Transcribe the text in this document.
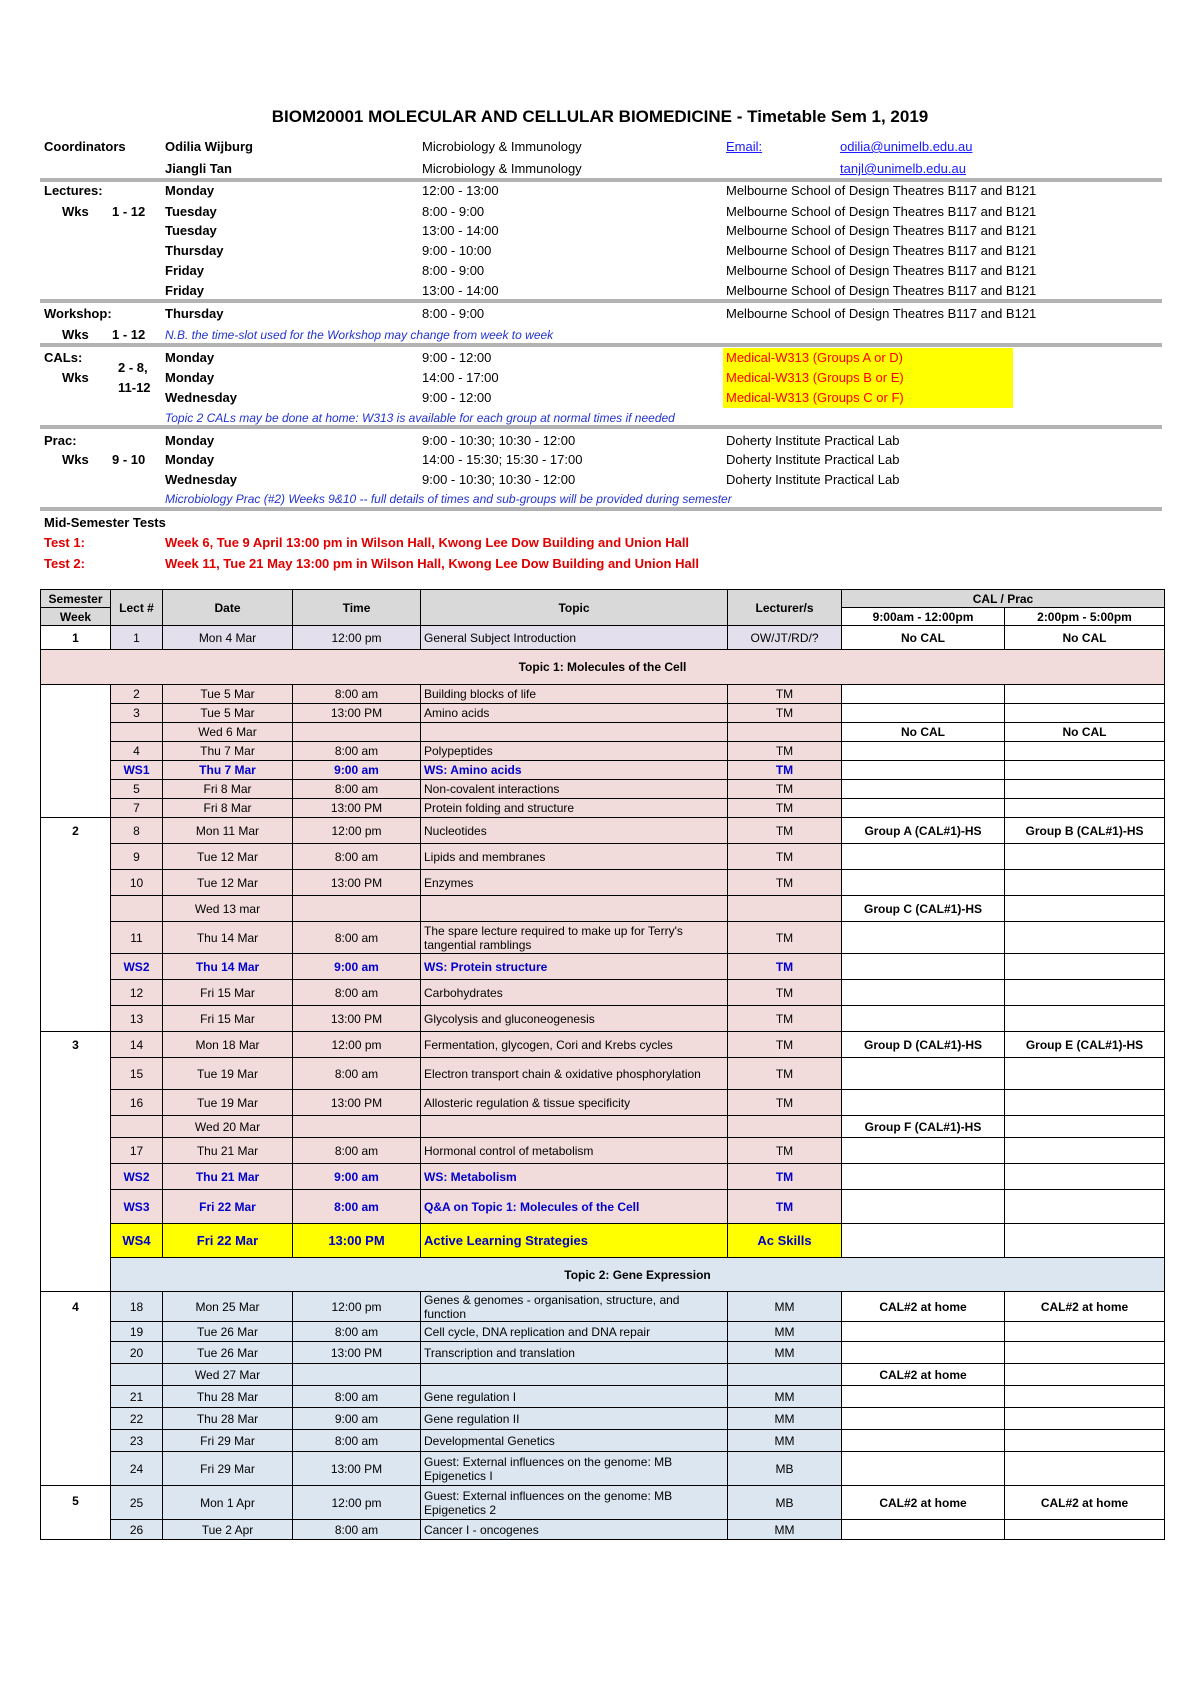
BIOM20001 MOLECULAR AND CELLULAR BIOMEDICINE - Timetable Sem 1, 2019
Coordinators	Odilia Wijburg	Microbiology & Immunology	Email:	odilia@unimelb.edu.au
Jiangli Tan	Microbiology & Immunology	tanjl@unimelb.edu.au
Lectures:
Wks 1 - 12
Monday	12:00 - 13:00	Melbourne School of Design Theatres B117 and B121
Tuesday	8:00 - 9:00	Melbourne School of Design Theatres B117 and B121
Tuesday	13:00 - 14:00	Melbourne School of Design Theatres B117 and B121
Thursday	9:00 - 10:00	Melbourne School of Design Theatres B117 and B121
Friday	8:00 - 9:00	Melbourne School of Design Theatres B117 and B121
Friday	13:00 - 14:00	Melbourne School of Design Theatres B117 and B121
Workshop:
Wks 1 - 12
Thursday	8:00 - 9:00	Melbourne School of Design Theatres B117 and B121
N.B. the time-slot used for the Workshop may change from week to week
CALs:
Wks
2 - 8,
11-12
Monday	9:00 - 12:00	Medical-W313 (Groups A or D)
Monday	14:00 - 17:00	Medical-W313 (Groups B or E)
Wednesday	9:00 - 12:00	Medical-W313 (Groups C or F)
Topic 2 CALs may be done at home: W313 is available for each group at normal times if needed
Prac:
Wks 9 - 10
Monday	9:00 - 10:30; 10:30 - 12:00	Doherty Institute Practical Lab
Monday	14:00 - 15:30; 15:30 - 17:00	Doherty Institute Practical Lab
Wednesday	9:00 - 10:30; 10:30 - 12:00	Doherty Institute Practical Lab
Microbiology Prac (#2) Weeks 9&10 -- full details of times and sub-groups will be provided during semester
Mid-Semester Tests
Test 1:	Week 6, Tue 9 April 13:00 pm in Wilson Hall, Kwong Lee Dow Building and Union Hall
Test 2:	Week 11, Tue 21 May 13:00 pm in Wilson Hall, Kwong Lee Dow Building and Union Hall
Semester	Lect #	Date	Time	Topic	Lecturer/s	CAL / Prac	
Week						9:00am - 12:00pm	2:00pm - 5:00pm
1	1	Mon 4 Mar	12:00 pm	General Subject Introduction	OW/JT/RD/?	No CAL	No CAL
Topic 1: Molecules of the Cell							
	2	Tue 5 Mar	8:00 am	Building blocks of life	TM		
	3	Tue 5 Mar	13:00 PM	Amino acids	TM		
		Wed 6 Mar				No CAL	No CAL
	4	Thu 7 Mar	8:00 am	Polypeptides	TM		
	WS1	Thu 7 Mar	9:00 am	WS: Amino acids	TM		
	5	Fri 8 Mar	8:00 am	Non-covalent interactions	TM		
	7	Fri 8 Mar	13:00 PM	Protein folding and structure	TM		
2	8	Mon 11 Mar	12:00 pm	Nucleotides	TM	Group A (CAL#1)-HS	Group B (CAL#1)-HS
	9	Tue 12 Mar	8:00 am	Lipids and membranes	TM		
	10	Tue 12 Mar	13:00 PM	Enzymes	TM		
		Wed 13 mar				Group C (CAL#1)-HS	
	11	Thu 14 Mar	8:00 am	The spare lecture required to make up for Terry's tangential ramblings	TM		
	WS2	Thu 14 Mar	9:00 am	WS: Protein structure	TM		
	12	Fri 15 Mar	8:00 am	Carbohydrates	TM		
	13	Fri 15 Mar	13:00 PM	Glycolysis and gluconeogenesis	TM		
3	14	Mon 18 Mar	12:00 pm	Fermentation, glycogen, Cori and Krebs cycles	TM	Group D (CAL#1)-HS	Group E (CAL#1)-HS
	15	Tue 19 Mar	8:00 am	Electron transport chain & oxidative phosphorylation	TM		
	16	Tue 19 Mar	13:00 PM	Allosteric regulation & tissue specificity	TM		
		Wed 20 Mar				Group F (CAL#1)-HS	
	17	Thu 21 Mar	8:00 am	Hormonal control of metabolism	TM		
	WS2	Thu 21 Mar	9:00 am	WS: Metabolism	TM		
	WS3	Fri 22 Mar	8:00 am	Q&A on Topic 1: Molecules of the Cell	TM		
	WS4	Fri 22 Mar	13:00 PM	Active Learning Strategies	Ac Skills		
	Topic 2: Gene Expression						
4	18	Mon 25 Mar	12:00 pm	Genes & genomes - organisation, structure, and function	MM	CAL#2 at home	CAL#2 at home
	19	Tue 26 Mar	8:00 am	Cell cycle, DNA replication and DNA repair	MM		
	20	Tue 26 Mar	13:00 PM	Transcription and translation	MM		
		Wed 27 Mar				CAL#2 at home	
	21	Thu 28 Mar	8:00 am	Gene regulation I	MM		
	22	Thu 28 Mar	9:00 am	Gene regulation II	MM		
	23	Fri 29 Mar	8:00 am	Developmental Genetics	MM		
	24	Fri 29 Mar	13:00 PM	Guest: External influences on the genome: MB Epigenetics I	MB		
5	25	Mon 1 Apr	12:00 pm	Guest: External influences on the genome: MB Epigenetics 2	MB	CAL#2 at home	CAL#2 at home
	26	Tue 2 Apr	8:00 am	Cancer I - oncogenes	MM		
